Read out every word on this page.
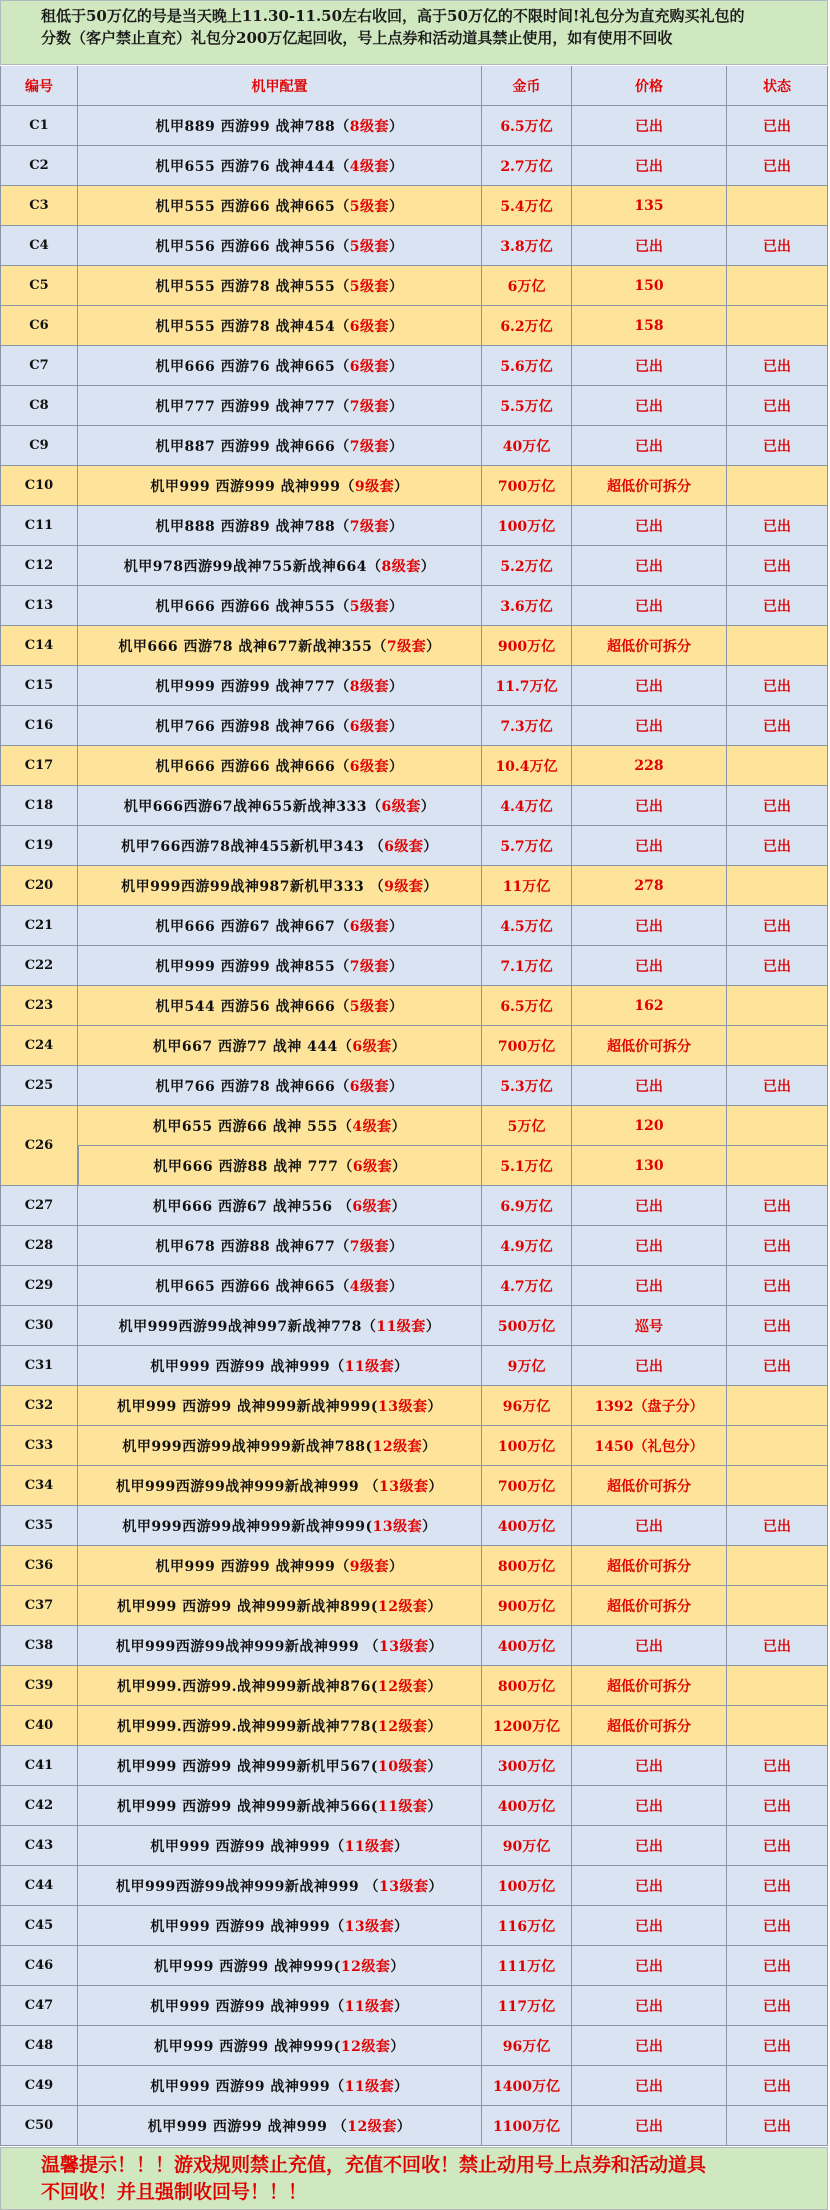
租低于50万亿的号是当天晚上11.30-11.50左右收回，高于50万亿的不限时间!礼包分为直充购买礼包的
分数（客户禁止直充）礼包分200万亿起回收，号上点券和活动道具禁止使用，如有使用不回收
编号	机甲配置	金币	价格	状态
C1	机甲889 西游99 战神788（ 8级套 ）	6.5万亿	已出	已出
C2	机甲655 西游76 战神444（ 4级套 ）	2.7万亿	已出	已出
C3	机甲555 西游66 战神665（ 5级套 ）	5.4万亿	135
C4	机甲556 西游66 战神556（ 5级套 ）	3.8万亿	已出	已出
C5	机甲555 西游78 战神555（ 5级套 ）	6万亿	150
C6	机甲555 西游78 战神454（ 6级套 ）	6.2万亿	158
C7	机甲666 西游76 战神665（ 6级套 ）	5.6万亿	已出	已出
C8	机甲777 西游99 战神777（ 7级套 ）	5.5万亿	已出	已出
C9	机甲887 西游99 战神666（ 7级套 ）	40万亿	已出	已出
C10	机甲999 西游999 战神999（ 9级套 ）	700万亿	超低价可拆分
C11	机甲888 西游89 战神788（ 7级套 ）	100万亿	已出	已出
C12	机甲978西游99战神755新战神664（ 8级套 ）	5.2万亿	已出	已出
C13	机甲666 西游66 战神555（ 5级套 ）	3.6万亿	已出	已出
C14	机甲666 西游78 战神677新战神355（ 7级套 ）	900万亿	超低价可拆分
C15	机甲999 西游99 战神777（ 8级套 ）	11.7万亿	已出	已出
C16	机甲766 西游98 战神766（ 6级套 ）	7.3万亿	已出	已出
C17	机甲666 西游66 战神666（ 6级套 ）	10.4万亿	228
C18	机甲666西游67战神655新战神333（ 6级套 ）	4.4万亿	已出	已出
C19	机甲766西游78战神455新机甲343 （ 6级套 ）	5.7万亿	已出	已出
C20	机甲999西游99战神987新机甲333 （ 9级套 ）	11万亿	278
C21	机甲666 西游67 战神667（ 6级套 ）	4.5万亿	已出	已出
C22	机甲999 西游99 战神855（ 7级套 ）	7.1万亿	已出	已出
C23	机甲544 西游56 战神666（ 5级套 ）	6.5万亿	162
C24	机甲667 西游77 战神 444（ 6级套 ）	700万亿	超低价可拆分
C25	机甲766 西游78 战神666（ 6级套 ）	5.3万亿	已出	已出
C26
机甲655 西游66 战神 555（ 4级套 ）	5万亿	120
机甲666 西游88 战神 777（ 6级套 ）	5.1万亿	130
C27	机甲666 西游67 战神556 （ 6级套 ）	6.9万亿	已出	已出
C28	机甲678 西游88 战神677（ 7级套 ）	4.9万亿	已出	已出
C29	机甲665 西游66 战神665（ 4级套 ）	4.7万亿	已出	已出
C30	机甲999西游99战神997新战神778（ 11级套 ）	500万亿	巡号	已出
C31	机甲999 西游99 战神999（ 11级套 ）	9万亿	已出	已出
C32	机甲999 西游99 战神999新战神999( 13级套 ）	96万亿	1392（盘子分）
C33	机甲999西游99战神999新战神788( 12级套 ）	100万亿	1450（礼包分）
C34	机甲999西游99战神999新战神999 （ 13级套 ）	700万亿	超低价可拆分
C35	机甲999西游99战神999新战神999( 13级套 ）	400万亿	已出	已出
C36	机甲999 西游99 战神999（ 9级套 ）	800万亿	超低价可拆分
C37	机甲999 西游99 战神999新战神899( 12级套 ）	900万亿	超低价可拆分
C38	机甲999西游99战神999新战神999 （ 13级套 ）	400万亿	已出	已出
C39	机甲999.西游99.战神999新战神876( 12级套 ）	800万亿	超低价可拆分
C40	机甲999.西游99.战神999新战神778( 12级套 ）	1200万亿	超低价可拆分
C41	机甲999 西游99 战神999新机甲567( 10级套 ）	300万亿	已出	已出
C42	机甲999 西游99 战神999新战神566( 11级套 ）	400万亿	已出	已出
C43	机甲999 西游99 战神999（ 11级套 ）	90万亿	已出	已出
C44	机甲999西游99战神999新战神999 （ 13级套 ）	100万亿	已出	已出
C45	机甲999 西游99 战神999（ 13级套 ）	116万亿	已出	已出
C46	机甲999 西游99 战神999( 12级套 ）	111万亿	已出	已出
C47	机甲999 西游99 战神999（ 11级套 ）	117万亿	已出	已出
C48	机甲999 西游99 战神999( 12级套 ）	96万亿	已出	已出
C49	机甲999 西游99 战神999（ 11级套 ）	1400万亿	已出	已出
C50	机甲999 西游99 战神999 （ 12级套 ）	1100万亿	已出	已出
温馨提示！！！游戏规则禁止充值，充值不回收！禁止动用号上点券和活动道具
不回收！并且强制收回号！！！
